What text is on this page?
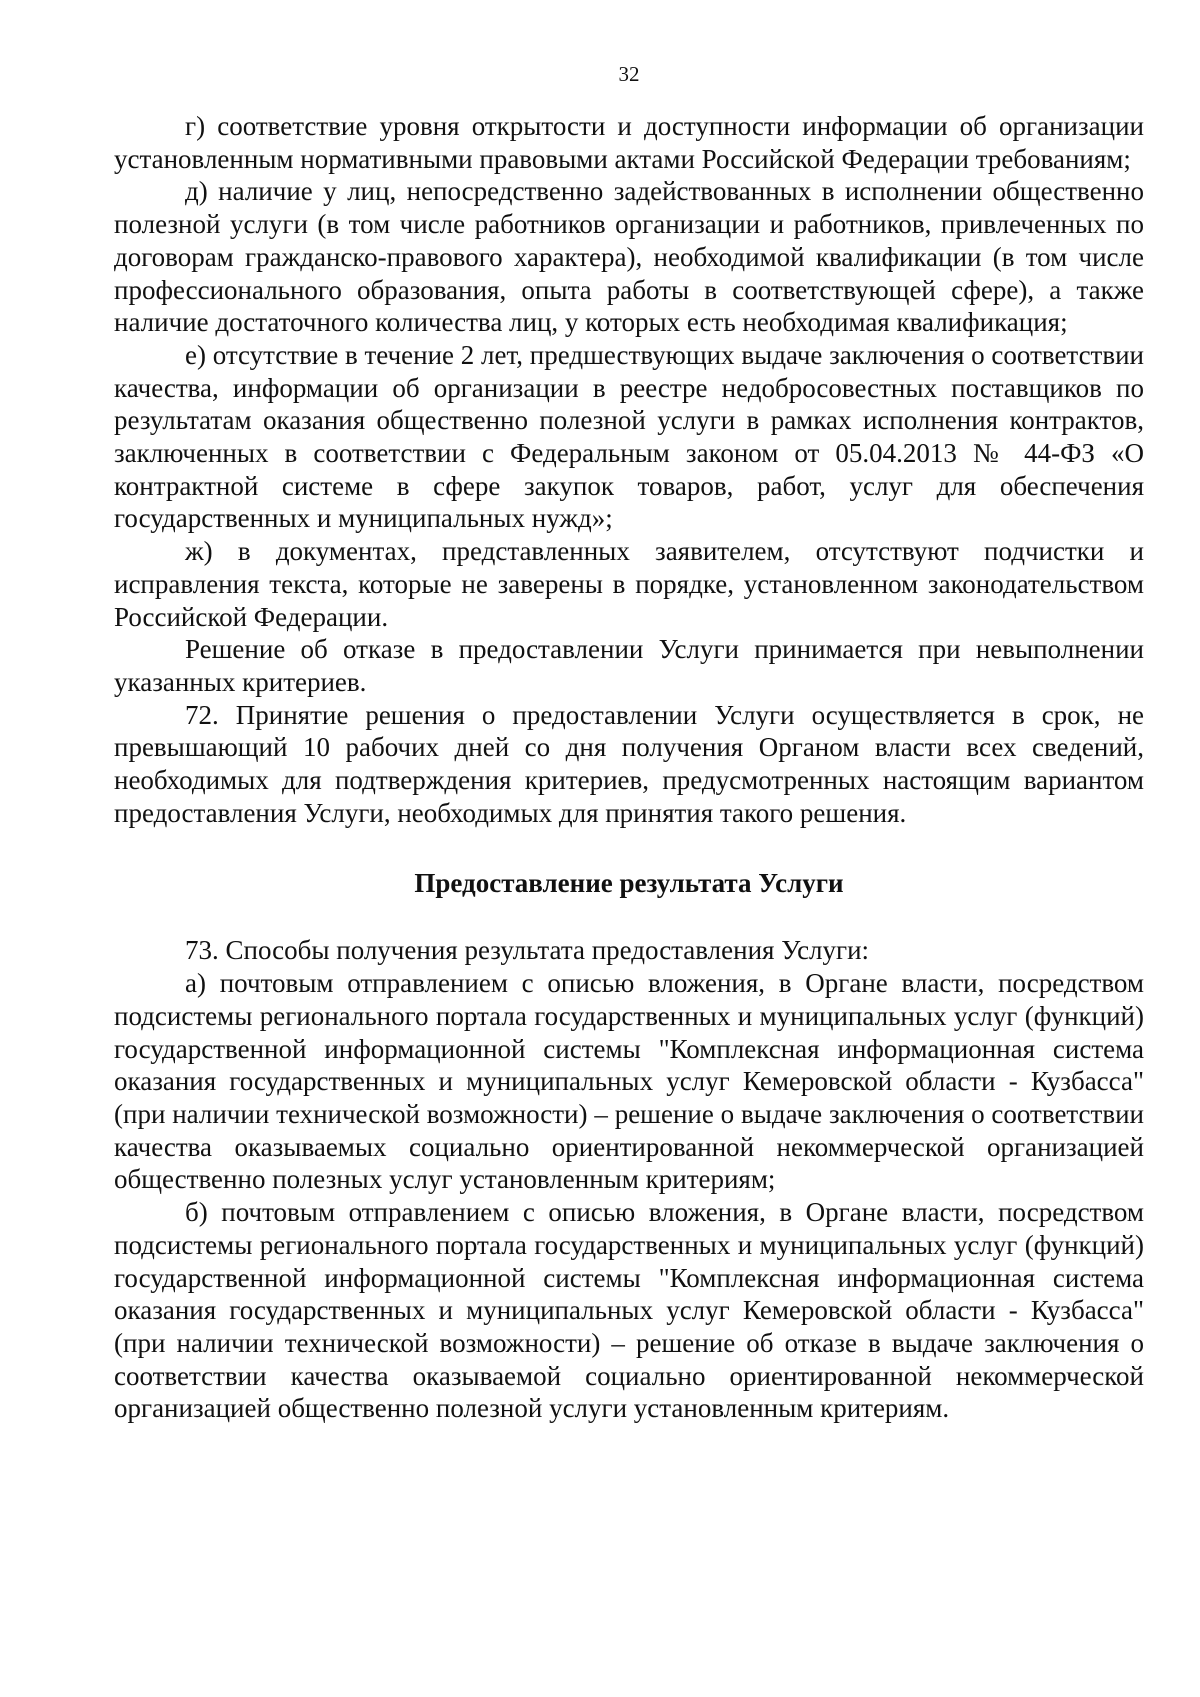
32

г) соответствие уровня открытости и доступности информации об организации установленным нормативными правовыми актами Российской Федерации требованиям;

д) наличие у лиц, непосредственно задействованных в исполнении общественно полезной услуги (в том числе работников организации и работников, привлеченных по договорам гражданско-правового характера), необходимой квалификации (в том числе профессионального образования, опыта работы в соответствующей сфере), а также наличие достаточного количества лиц, у которых есть необходимая квалификация;

е) отсутствие в течение 2 лет, предшествующих выдаче заключения о соответствии качества, информации об организации в реестре недобросовестных поставщиков по результатам оказания общественно полезной услуги в рамках исполнения контрактов, заключенных в соответствии с Федеральным законом от 05.04.2013 № 44-ФЗ «О контрактной системе в сфере закупок товаров, работ, услуг для обеспечения государственных и муниципальных нужд»;

ж) в документах, представленных заявителем, отсутствуют подчистки и исправления текста, которые не заверены в порядке, установленном законодательством Российской Федерации.

Решение об отказе в предоставлении Услуги принимается при невыполнении указанных критериев.

72. Принятие решения о предоставлении Услуги осуществляется в срок, не превышающий 10 рабочих дней со дня получения Органом власти всех сведений, необходимых для подтверждения критериев, предусмотренных настоящим вариантом предоставления Услуги, необходимых для принятия такого решения.

Предоставление результата Услуги

73. Способы получения результата предоставления Услуги:

а) почтовым отправлением с описью вложения, в Органе власти, посредством подсистемы регионального портала государственных и муниципальных услуг (функций) государственной информационной системы "Комплексная информационная система оказания государственных и муниципальных услуг Кемеровской области - Кузбасса" (при наличии технической возможности) – решение о выдаче заключения о соответствии качества оказываемых социально ориентированной некоммерческой организацией общественно полезных услуг установленным критериям;

б) почтовым отправлением с описью вложения, в Органе власти, посредством подсистемы регионального портала государственных и муниципальных услуг (функций) государственной информационной системы "Комплексная информационная система оказания государственных и муниципальных услуг Кемеровской области - Кузбасса" (при наличии технической возможности) – решение об отказе в выдаче заключения о соответствии качества оказываемой социально ориентированной некоммерческой организацией общественно полезной услуги установленным критериям.
